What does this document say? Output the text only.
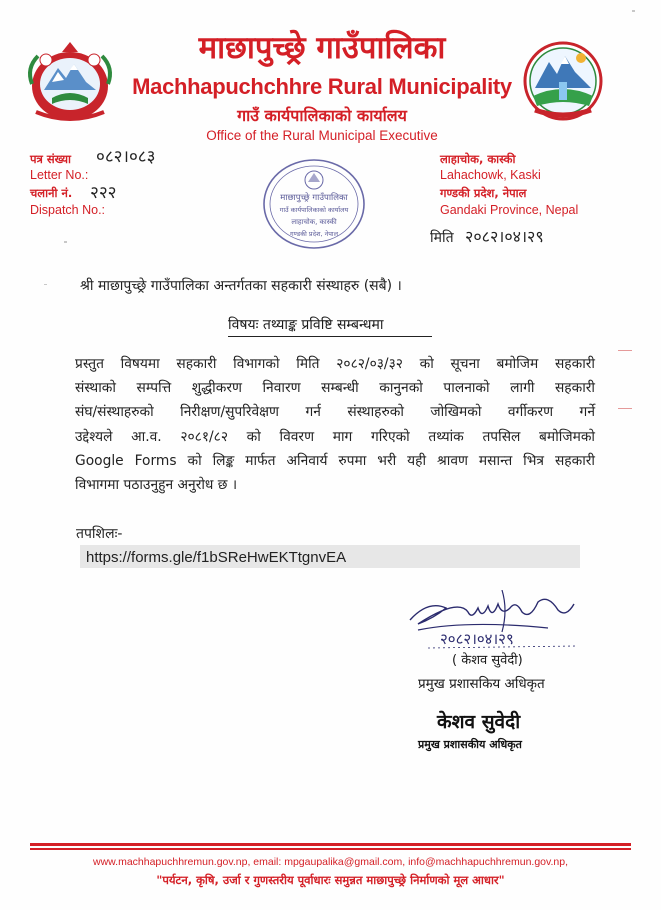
माछापुच्छ्रे गाउँपालिका
Machhapuchchhre Rural Municipality
गाउँ कार्यपालिकाको कार्यालय
Office of the Rural Municipal Executive
पत्र संख्या ०८२।०८३
Letter No.:
चलानी नं. २२२
Dispatch No.:
माछापुच्छ्रे गाउँपालिका
गाउँ कार्यपालिकाको कार्यालय
लाहाचोक, कास्की
गण्डकी प्रदेश, नेपाल
लाहाचोक, कास्की
Lahachowk, Kaski
गण्डकी प्रदेश, नेपाल
Gandaki Province, Nepal
मिति २०८२।०४।२९
श्री माछापुच्छ्रे गाउँपालिका अन्तर्गतका सहकारी संस्थाहरु (सबै) ।
विषयः तथ्याङ्क प्रविष्टि सम्बन्धमा
प्रस्तुत विषयमा सहकारी विभागको मिति २०८२/०३/३२ को सूचना बमोजिम सहकारी
संस्थाको सम्पत्ति शुद्धीकरण निवारण सम्बन्धी कानुनको पालनाको लागी सहकारी
संघ/संस्थाहरुको निरीक्षण/सुपरिवेक्षण गर्न संस्थाहरुको जोखिमको वर्गीकरण गर्ने
उद्देश्यले आ.व. २०८१/८२ को विवरण माग गरिएको तथ्यांक तपसिल बमोजिमको
Google Forms को लिङ्क मार्फत अनिवार्य रुपमा भरी यही श्रावण मसान्त भित्र सहकारी
विभागमा पठाउनुहुन अनुरोध छ ।
तपशिलः-
https://forms.gle/f1bSReHwEKTtgnvEA
२०८२।०४।२९
( केशव सुवेदी)
प्रमुख प्रशासकिय अधिकृत
केशव सुवेदी
प्रमुख प्रशासकीय अधिकृत
www.machhapuchhremun.gov.np, email: mpgaupalika@gmail.com, info@machhapuchhremun.gov.np,
"पर्यटन, कृषि, उर्जा र गुणस्तरीय पूर्वाधारः समुन्नत माछापुच्छ्रे निर्माणको मूल आधार"
